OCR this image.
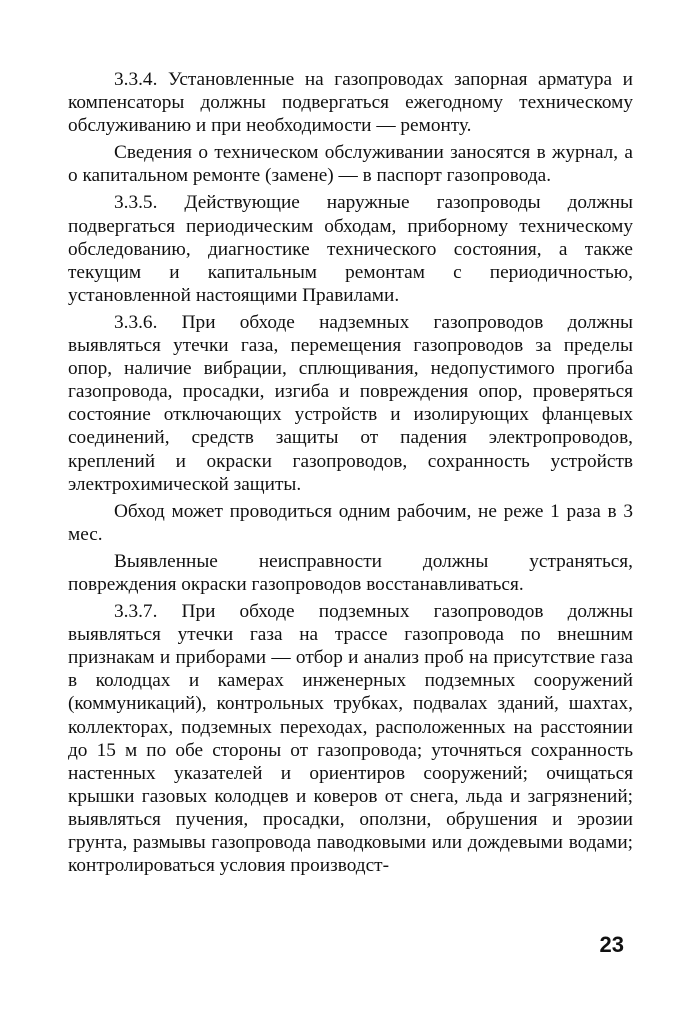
3.3.4. Установленные на газопроводах запорная арматура и компенсаторы должны подвергаться ежегодному техническому обслуживанию и при необходимости — ремонту.

Сведения о техническом обслуживании заносятся в журнал, а о капитальном ремонте (замене) — в паспорт газопровода.

3.3.5. Действующие наружные газопроводы должны подвергаться периодическим обходам, приборному техническому обследованию, диагностике технического состояния, а также текущим и капитальным ремонтам с периодичностью, установленной настоящими Правилами.

3.3.6. При обходе надземных газопроводов должны выявляться утечки газа, перемещения газопроводов за пределы опор, наличие вибрации, сплющивания, недопустимого прогиба газопровода, просадки, изгиба и повреждения опор, проверяться состояние отключающих устройств и изолирующих фланцевых соединений, средств защиты от падения электропроводов, креплений и окраски газопроводов, сохранность устройств электрохимической защиты.

Обход может проводиться одним рабочим, не реже 1 раза в 3 мес.

Выявленные неисправности должны устраняться, повреждения окраски газопроводов восстанавливаться.

3.3.7. При обходе подземных газопроводов должны выявляться утечки газа на трассе газопровода по внешним признакам и приборами — отбор и анализ проб на присутствие газа в колодцах и камерах инженерных подземных сооружений (коммуникаций), контрольных трубках, подвалах зданий, шахтах, коллекторах, подземных переходах, расположенных на расстоянии до 15 м по обе стороны от газопровода; уточняться сохранность настенных указателей и ориентиров сооружений; очищаться крышки газовых колодцев и коверов от снега, льда и загрязнений; выявляться пучения, просадки, оползни, обрушения и эрозии грунта, размывы газопровода паводковыми или дождевыми водами; контролироваться условия производст-

23
